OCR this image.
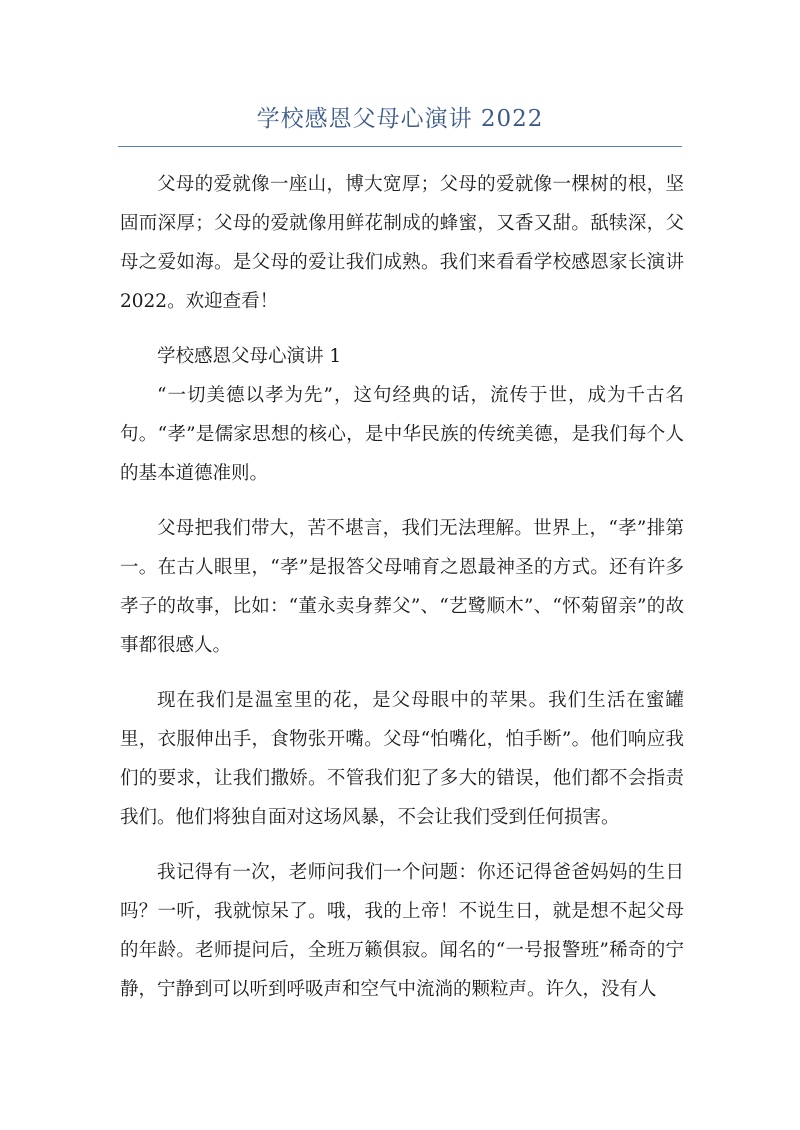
学校感恩父母心演讲 2022

父母的爱就像一座山，博大宽厚；父母的爱就像一棵树的根，坚固而深厚；父母的爱就像用鲜花制成的蜂蜜，又香又甜。舐犊深，父母之爱如海。是父母的爱让我们成熟。我们来看看学校感恩家长演讲 2022。欢迎查看！

学校感恩父母心演讲 1

“一切美德以孝为先”，这句经典的话，流传于世，成为千古名句。“孝”是儒家思想的核心，是中华民族的传统美德，是我们每个人的基本道德准则。

父母把我们带大，苦不堪言，我们无法理解。世界上，“孝”排第一。在古人眼里，“孝”是报答父母哺育之恩最神圣的方式。还有许多孝子的故事，比如：“董永卖身葬父”、“艺鹭顺木”、“怀菊留亲”的故事都很感人。

现在我们是温室里的花，是父母眼中的苹果。我们生活在蜜罐里，衣服伸出手，食物张开嘴。父母“怕嘴化，怕手断”。他们响应我们的要求，让我们撒娇。不管我们犯了多大的错误，他们都不会指责我们。他们将独自面对这场风暴，不会让我们受到任何损害。

我记得有一次，老师问我们一个问题：你还记得爸爸妈妈的生日吗？一听，我就惊呆了。哦，我的上帝！不说生日，就是想不起父母的年龄。老师提问后，全班万籁俱寂。闻名的“一号报警班”稀奇的宁静，宁静到可以听到呼吸声和空气中流淌的颗粒声。许久，没有人
